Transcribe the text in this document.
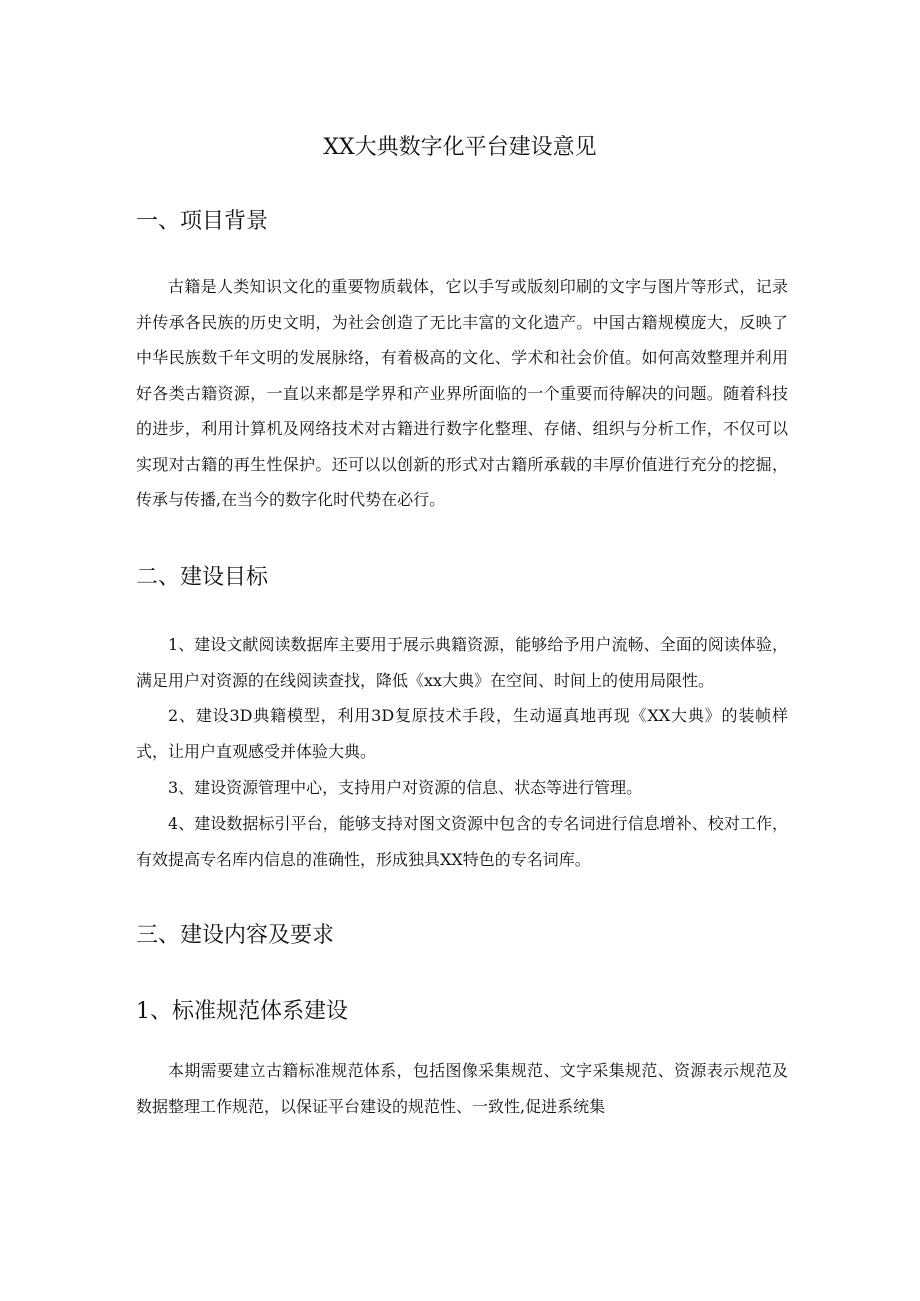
XX大典数字化平台建设意见
一、项目背景

古籍是人类知识文化的重要物质载体，它以手写或版刻印刷的文字与图片等形式，记录并传承各民族的历史文明，为社会创造了无比丰富的文化遗产。中国古籍规模庞大，反映了中华民族数千年文明的发展脉络，有着极高的文化、学术和社会价值。如何高效整理并利用好各类古籍资源，一直以来都是学界和产业界所面临的一个重要而待解决的问题。随着科技的进步，利用计算机及网络技术对古籍进行数字化整理、存储、组织与分析工作，不仅可以实现对古籍的再生性保护。还可以以创新的形式对古籍所承载的丰厚价值进行充分的挖掘，传承与传播,在当今的数字化时代势在必行。

二、建设目标

1、建设文献阅读数据库主要用于展示典籍资源，能够给予用户流畅、全面的阅读体验，满足用户对资源的在线阅读查找，降低《xx大典》在空间、时间上的使用局限性。

2、建设3D典籍模型，利用3D复原技术手段，生动逼真地再现《XX大典》的装帧样式，让用户直观感受并体验大典。

3、建设资源管理中心，支持用户对资源的信息、状态等进行管理。

4、建设数据标引平台，能够支持对图文资源中包含的专名词进行信息增补、校对工作，有效提高专名库内信息的准确性，形成独具XX特色的专名词库。

三、建设内容及要求
1、标准规范体系建设

本期需要建立古籍标准规范体系，包括图像采集规范、文字采集规范、资源表示规范及数据整理工作规范，以保证平台建设的规范性、一致性,促进系统集
